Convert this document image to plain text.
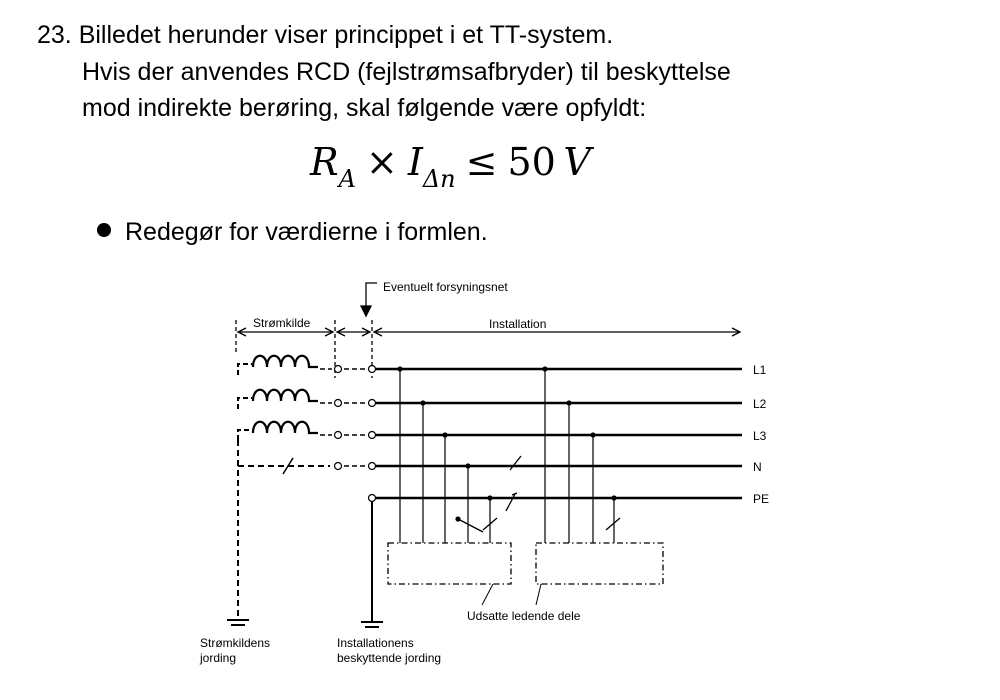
23. Billedet herunder viser princippet i et TT-system.
Hvis der anvendes RCD (fejlstrømsafbryder) til beskyttelse
mod indirekte berøring, skal følgende være opfyldt:
$R_A \times I_{\Delta n} \le 50$  V
Redegør for værdierne i formlen.
Eventuelt forsyningsnet
Strømkilde	Installation
L1
L2
L3
N
PE
Udsatte ledende dele
Strømkildens
jording
Installationens
beskyttende jording
